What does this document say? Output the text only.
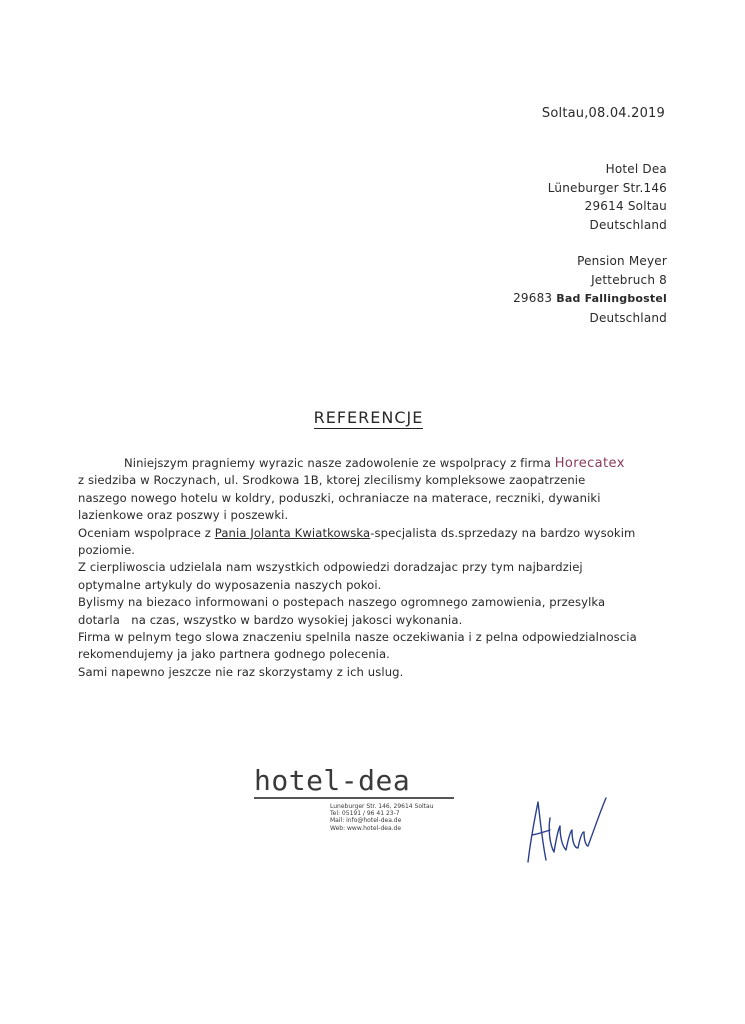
Soltau,08.04.2019
Hotel Dea
Lüneburger Str.146
29614 Soltau
Deutschland
Pension Meyer
Jettebruch 8
29683 Bad Fallingbostel
Deutschland
REFERENCJE

Niniejszym pragniemy wyrazic nasze zadowolenie ze wspolpracy z firma Horecatex

z siedziba w Roczynach, ul. Srodkowa 1B, ktorej zlecilismy kompleksowe zaopatrzenie

naszego nowego hotelu w koldry, poduszki, ochraniacze na materace, reczniki, dywaniki

lazienkowe oraz poszwy i poszewki.

Oceniam wspolprace z Pania Jolanta Kwiatkowska-specjalista ds.sprzedazy na bardzo wysokim

poziomie.

Z cierpliwoscia udzielala nam wszystkich odpowiedzi doradzajac przy tym najbardziej

optymalne artykuly do wyposazenia naszych pokoi.

Bylismy na biezaco informowani o postepach naszego ogromnego zamowienia, przesylka

dotarla   na czas, wszystko w bardzo wysokiej jakosci wykonania.

Firma w pelnym tego slowa znaczeniu spelnila nasze oczekiwania i z pelna odpowiedzialnoscia

rekomendujemy ja jako partnera godnego polecenia.

Sami napewno jeszcze nie raz skorzystamy z ich uslug.

hotel-dea
Luneburger Str. 146, 29614 Soltau
Tel: 05191 / 96 41 23-7
Mail: info@hotel-dea.de
Web: www.hotel-dea.de
